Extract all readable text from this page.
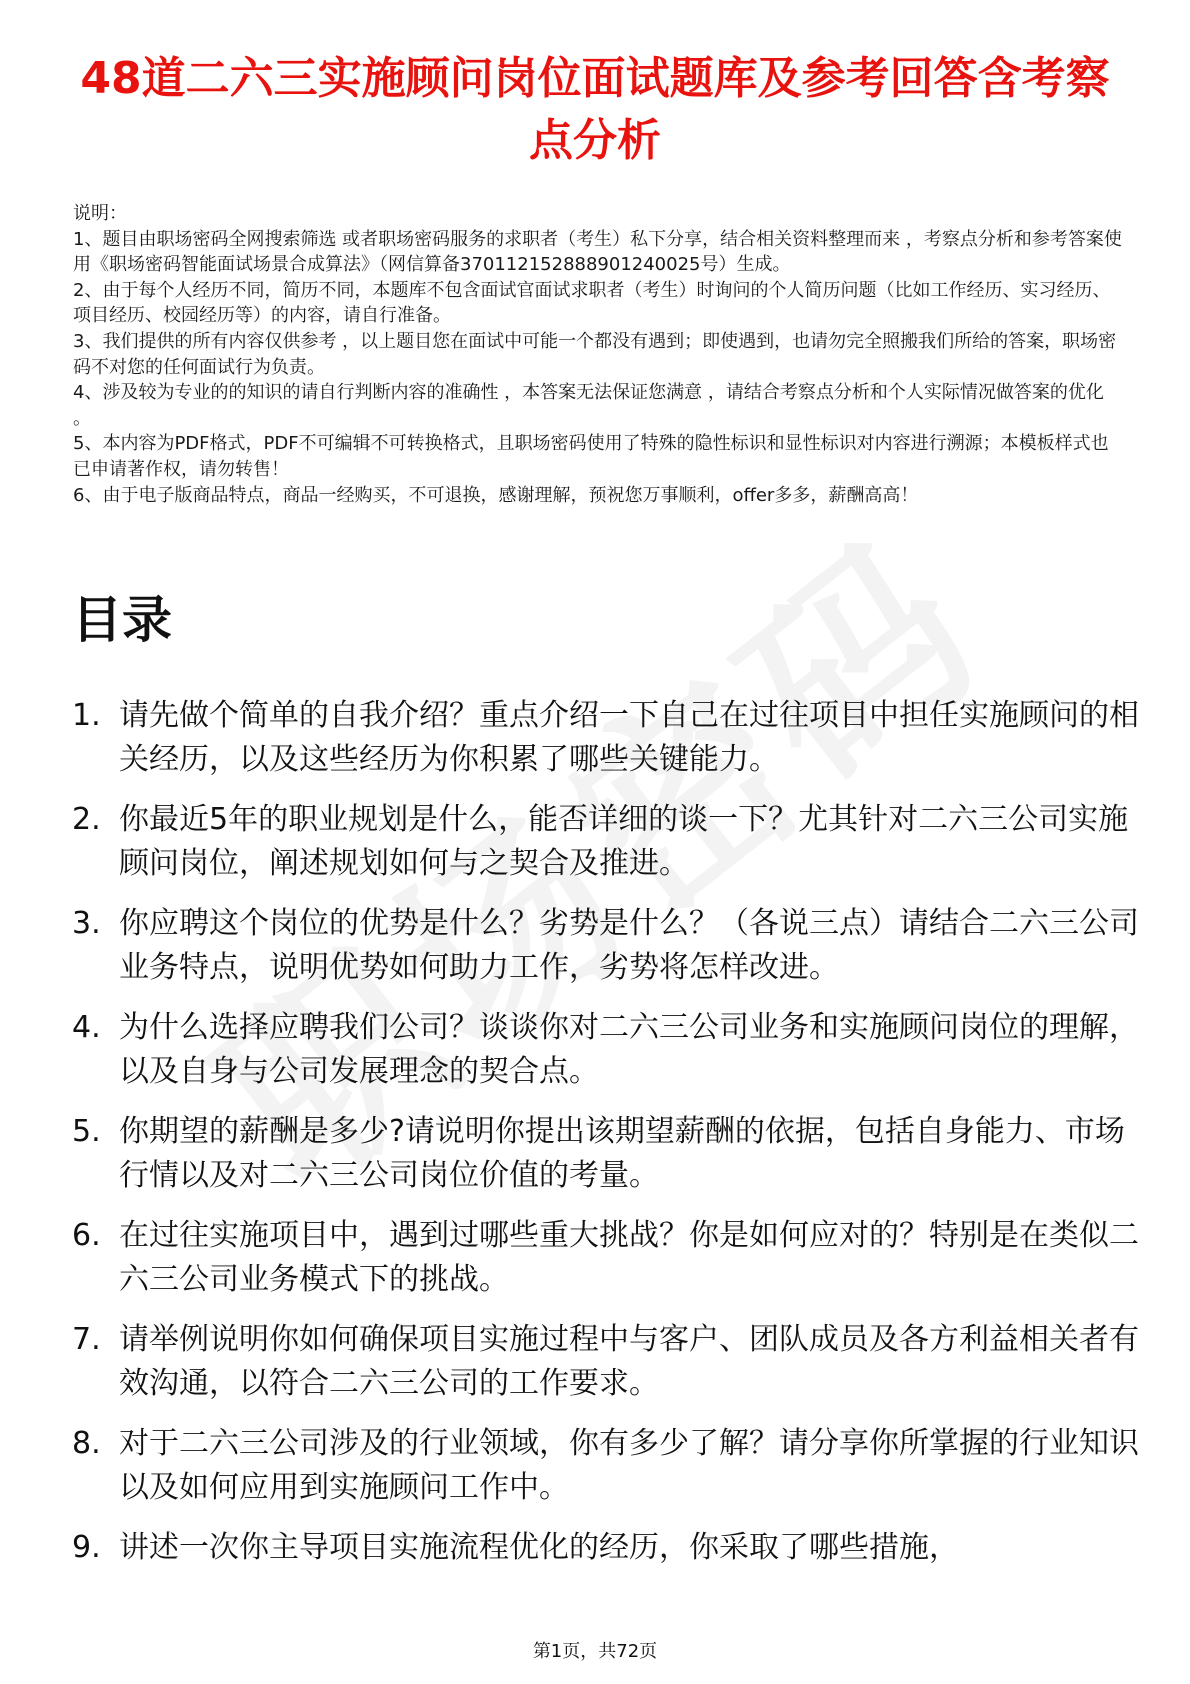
48道二六三实施顾问岗位面试题库及参考回答含考察点分析

说明：

1、题目由职场密码全网搜索筛选 或者职场密码服务的求职者（考生）私下分享，结合相关资料整理而来 ，考察点分析和参考答案使用《职场密码智能面试场景合成算法》（网信算备370112152888901240025号）生成。

2、由于每个人经历不同，简历不同，本题库不包含面试官面试求职者（考生）时询问的个人简历问题（比如工作经历、实习经历、项目经历、校园经历等）的内容，请自行准备。

3、我们提供的所有内容仅供参考 ，以上题目您在面试中可能一个都没有遇到；即使遇到，也请勿完全照搬我们所给的答案，职场密码不对您的任何面试行为负责。

4、涉及较为专业的的知识的请自行判断内容的准确性 ，本答案无法保证您满意 ，请结合考察点分析和个人实际情况做答案的优化 。

5、本内容为PDF格式，PDF不可编辑不可转换格式，且职场密码使用了特殊的隐性标识和显性标识对内容进行溯源；本模板样式也已申请著作权，请勿转售！

6、由于电子版商品特点，商品一经购买，不可退换，感谢理解，预祝您万事顺利，offer多多，薪酬高高！

目录
1. 请先做个简单的自我介绍？重点介绍一下自己在过往项目中担任实施顾问的相关经历，以及这些经历为你积累了哪些关键能力。
2. 你最近5年的职业规划是什么，能否详细的谈一下？尤其针对二六三公司实施顾问岗位，阐述规划如何与之契合及推进。
3. 你应聘这个岗位的优势是什么？劣势是什么？（各说三点）请结合二六三公司业务特点，说明优势如何助力工作，劣势将怎样改进。
4. 为什么选择应聘我们公司？谈谈你对二六三公司业务和实施顾问岗位的理解，以及自身与公司发展理念的契合点。
5. 你期望的薪酬是多少?请说明你提出该期望薪酬的依据，包括自身能力、市场行情以及对二六三公司岗位价值的考量。
6. 在过往实施项目中，遇到过哪些重大挑战？你是如何应对的？特别是在类似二六三公司业务模式下的挑战。
7. 请举例说明你如何确保项目实施过程中与客户、团队成员及各方利益相关者有效沟通，以符合二六三公司的工作要求。
8. 对于二六三公司涉及的行业领域，你有多少了解？请分享你所掌握的行业知识以及如何应用到实施顾问工作中。
9. 讲述一次你主导项目实施流程优化的经历，你采取了哪些措施，
第1页，共72页
